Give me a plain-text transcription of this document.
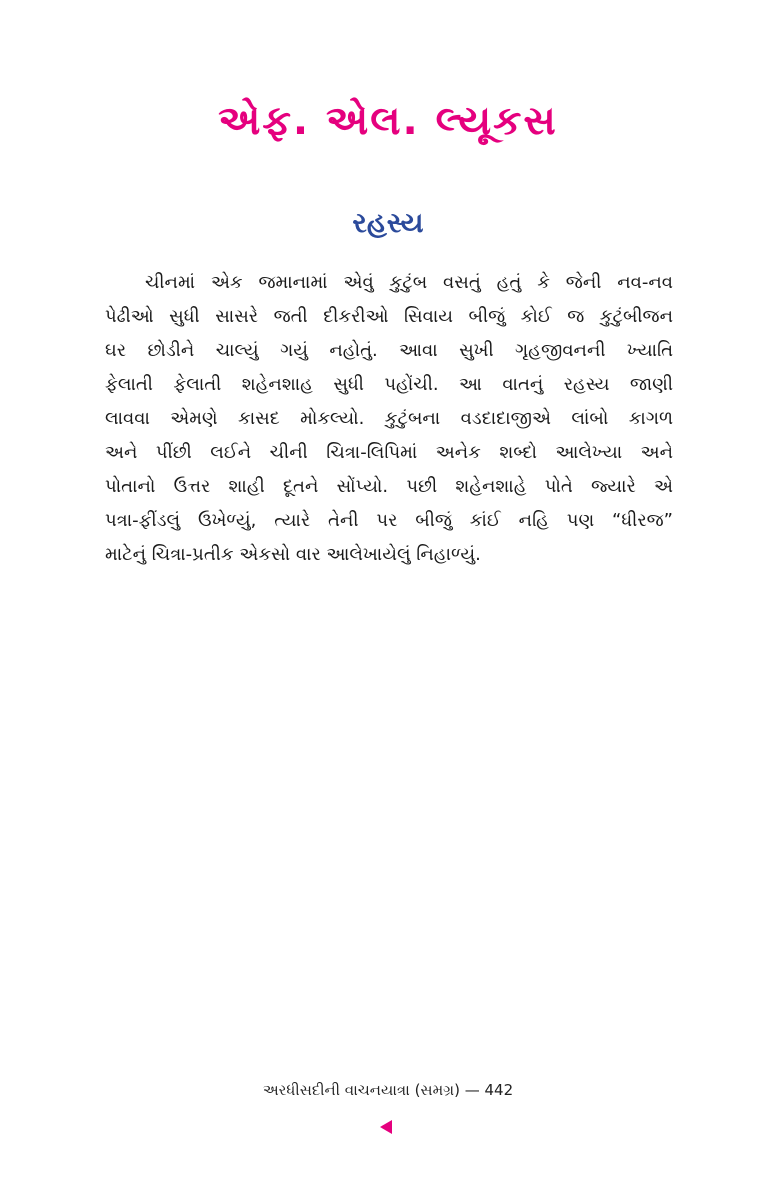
એફ. એલ. લ્યૂકસ
રહસ્ય
ચીનમાં એક જમાનામાં એવું કુટુંબ વસતું હતું કે જેની નવ-નવ
પેઢીઓ સુધી સાસરે જતી દીકરીઓ સિવાય બીજું કોઈ જ કુટુંબીજન
ઘર છોડીને ચાલ્યું ગયું નહોતું. આવા સુખી ગૃહજીવનની ખ્યાતિ
ફેલાતી ફેલાતી શહેનશાહ સુધી પહોંચી. આ વાતનું રહસ્ય જાણી
લાવવા એમણે કાસદ મોકલ્યો. કુટુંબના વડદાદાજીએ લાંબો કાગળ
અને પીંછી લઈને ચીની ચિત્રા-લિપિમાં અનેક શબ્દો આલેખ્યા અને
પોતાનો ઉત્તર શાહી દૂતને સોંપ્યો. પછી શહેનશાહે પોતે જ્યારે એ
પત્રા-ફીંડલું ઉખેળ્યું, ત્યારે તેની પર બીજું કાંઈ નહિ પણ “ધીરજ”
માટેનું ચિત્રા-પ્રતીક એકસો વાર આલેખાયેલું નિહાળ્યું.
અરધીસદીની વાચનયાત્રા (સમગ્ર) — 442
